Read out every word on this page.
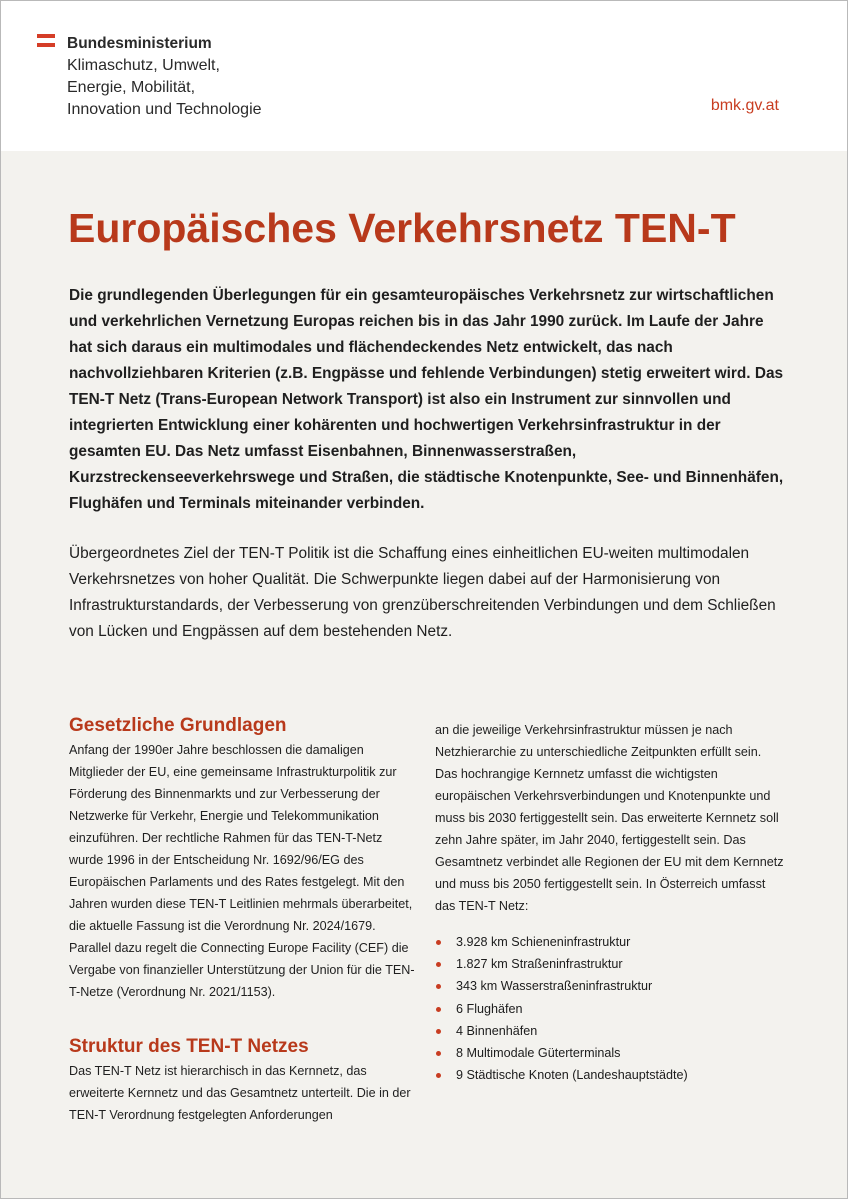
Bundesministerium
Klimaschutz, Umwelt,
Energie, Mobilität,
Innovation und Technologie	bmk.gv.at
Europäisches Verkehrsnetz TEN-T

Die grundlegenden Überlegungen für ein gesamteuropäisches Verkehrsnetz zur wirtschaftlichen und verkehrlichen Vernetzung Europas reichen bis in das Jahr 1990 zurück. Im Laufe der Jahre hat sich daraus ein multimodales und flächendeckendes Netz entwickelt, das nach nachvollziehbaren Kriterien (z.B. Engpässe und fehlende Verbindungen) stetig erweitert wird. Das TEN-T Netz (Trans-European Network Transport) ist also ein Instrument zur sinnvollen und integrierten Entwicklung einer kohärenten und hochwertigen Verkehrsinfrastruktur in der gesamten EU. Das Netz umfasst Eisenbahnen, Binnenwasserstraßen, Kurzstreckenseeverkehrswege und Straßen, die städtische Knotenpunkte, See- und Binnenhäfen, Flughäfen und Terminals miteinander verbinden.

Übergeordnetes Ziel der TEN-T Politik ist die Schaffung eines einheitlichen EU-weiten multimodalen Verkehrsnetzes von hoher Qualität. Die Schwerpunkte liegen dabei auf der Harmonisierung von Infrastrukturstandards, der Verbesserung von grenzüberschreitenden Verbindungen und dem Schließen von Lücken und Engpässen auf dem bestehenden Netz.

Gesetzliche Grundlagen

Anfang der 1990er Jahre beschlossen die damaligen Mitglieder der EU, eine gemeinsame Infrastrukturpolitik zur Förderung des Binnenmarkts und zur Verbesserung der Netzwerke für Verkehr, Energie und Telekommunikation einzuführen. Der rechtliche Rahmen für das TEN-T-Netz wurde 1996 in der Entscheidung Nr. 1692/96/EG des Europäischen Parlaments und des Rates festgelegt. Mit den Jahren wurden diese TEN-T Leitlinien mehrmals überarbeitet, die aktuelle Fassung ist die Verordnung Nr. 2024/1679. Parallel dazu regelt die Connecting Europe Facility (CEF) die Vergabe von finanzieller Unterstützung der Union für die TEN-T-Netze (Verordnung Nr. 2021/1153).

Struktur des TEN-T Netzes

Das TEN-T Netz ist hierarchisch in das Kernnetz, das erweiterte Kernnetz und das Gesamtnetz unterteilt. Die in der TEN-T Verordnung festgelegten Anforderungen

an die jeweilige Verkehrsinfrastruktur müssen je nach Netzhierarchie zu unterschiedliche Zeitpunkten erfüllt sein. Das hochrangige Kernnetz umfasst die wichtigsten europäischen Verkehrsverbindungen und Knotenpunkte und muss bis 2030 fertiggestellt sein. Das erweiterte Kernnetz soll zehn Jahre später, im Jahr 2040, fertiggestellt sein. Das Gesamtnetz verbindet alle Regionen der EU mit dem Kernnetz und muss bis 2050 fertiggestellt sein. In Österreich umfasst das TEN-T Netz:

3.928 km Schieneninfrastruktur
1.827 km Straßeninfrastruktur
343 km Wasserstraßeninfrastruktur
6 Flughäfen
4 Binnenhäfen
8 Multimodale Güterterminals
9 Städtische Knoten (Landeshauptstädte)
